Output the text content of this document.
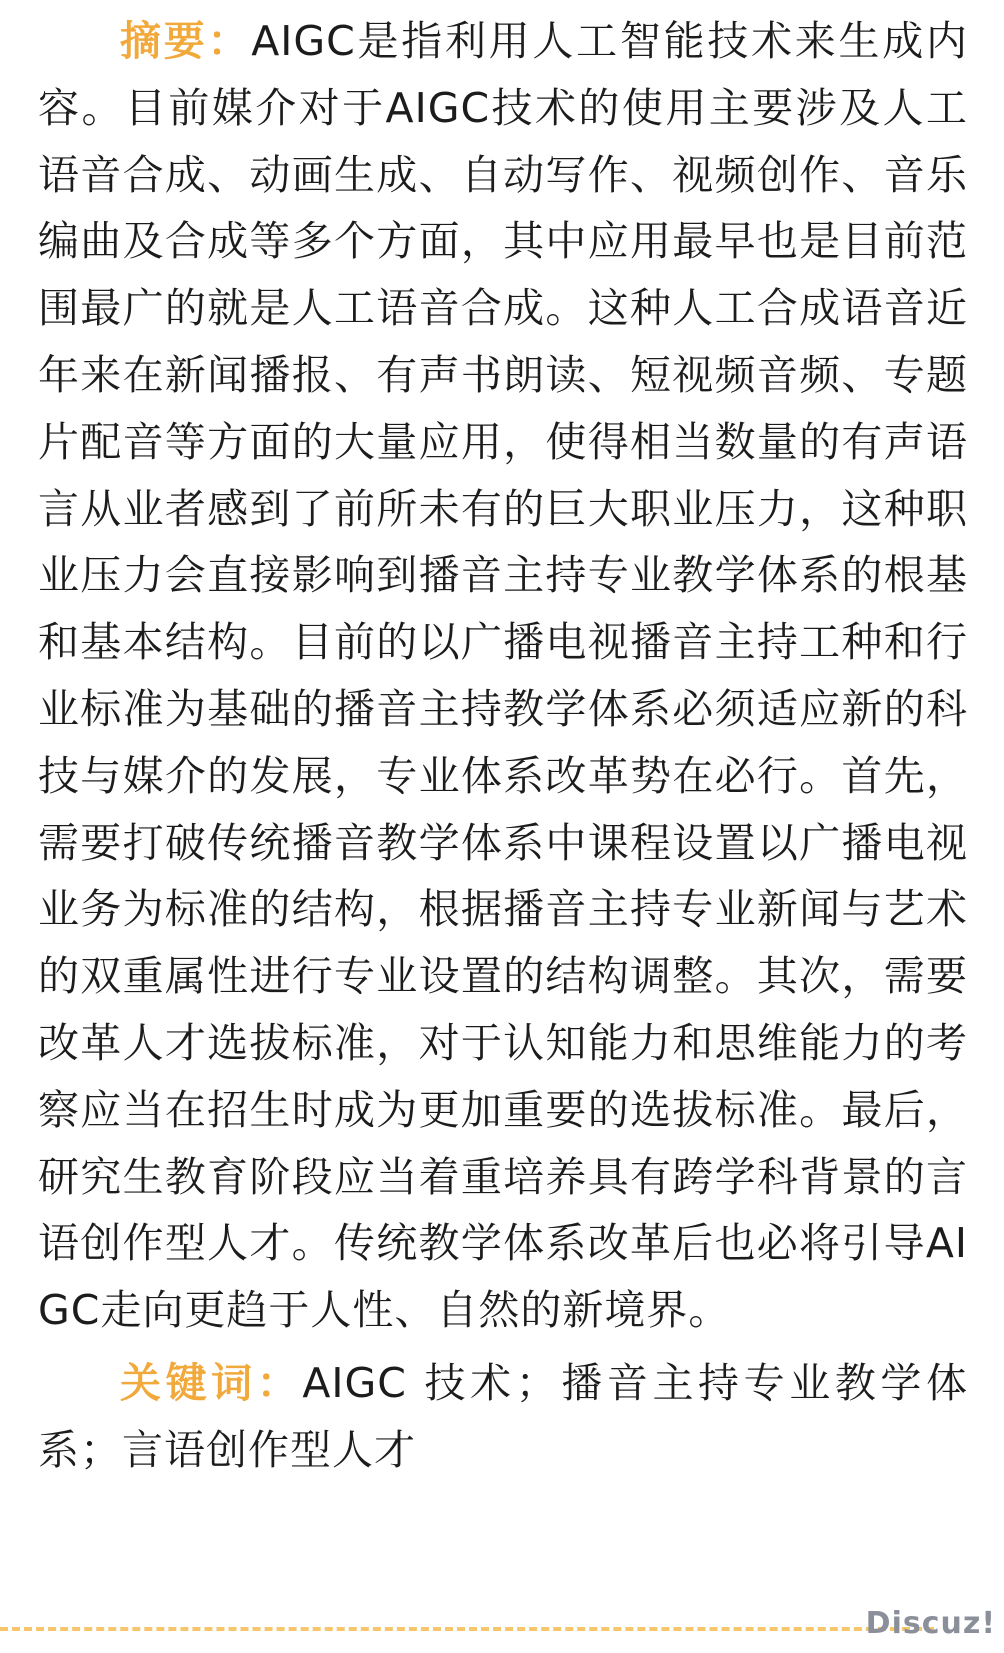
摘要：AIGC是指利用人工智能技术来生成内容。目前媒介对于AIGC技术的使用主要涉及人工语音合成、动画生成、自动写作、视频创作、音乐编曲及合成等多个方面，其中应用最早也是目前范围最广的就是人工语音合成。这种人工合成语音近年来在新闻播报、有声书朗读、短视频音频、专题片配音等方面的大量应用，使得相当数量的有声语言从业者感到了前所未有的巨大职业压力，这种职业压力会直接影响到播音主持专业教学体系的根基和基本结构。目前的以广播电视播音主持工种和行业标准为基础的播音主持教学体系必须适应新的科技与媒介的发展，专业体系改革势在必行。首先，需要打破传统播音教学体系中课程设置以广播电视业务为标准的结构，根据播音主持专业新闻与艺术的双重属性进行专业设置的结构调整。其次，需要改革人才选拔标准，对于认知能力和思维能力的考察应当在招生时成为更加重要的选拔标准。最后，研究生教育阶段应当着重培养具有跨学科背景的言语创作型人才。传统教学体系改革后也必将引导AIGC走向更趋于人性、自然的新境界。

关键词：AIGC 技术；播音主持专业教学体系；言语创作型人才

Discuz!
